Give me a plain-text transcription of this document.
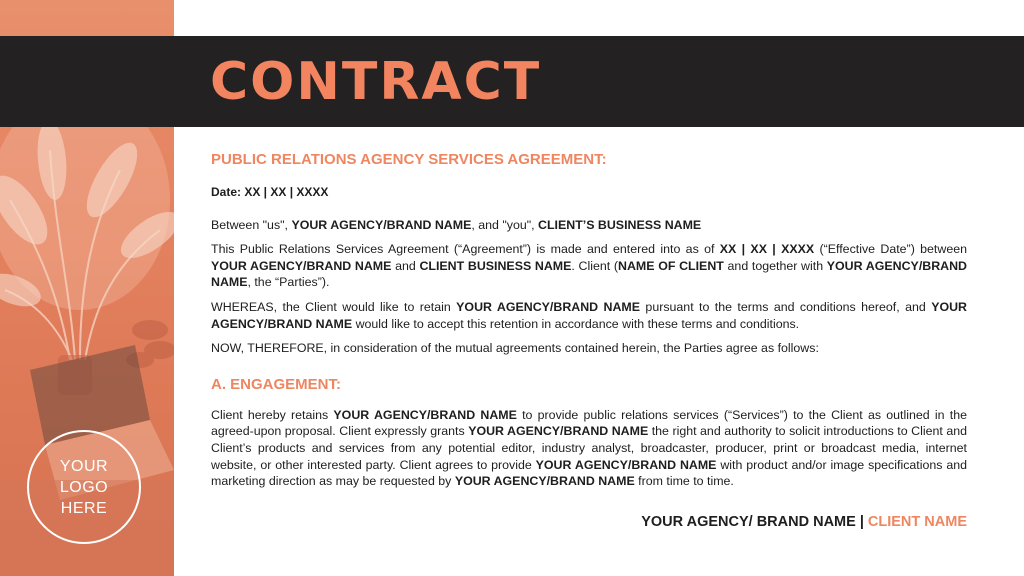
YOUR
LOGO
HERE
CONTRACT

PUBLIC RELATIONS AGENCY SERVICES AGREEMENT:

Date: XX | XX | XXXX

Between "us", YOUR AGENCY/BRAND NAME, and "you", CLIENT’S BUSINESS NAME

This Public Relations Services Agreement (“Agreement”) is made and entered into as of XX | XX | XXXX (“Effective Date”) between YOUR AGENCY/BRAND NAME and CLIENT BUSINESS NAME. Client (NAME OF CLIENT and together with YOUR AGENCY/BRAND NAME, the “Parties”).

WHEREAS, the Client would like to retain YOUR AGENCY/BRAND NAME pursuant to the terms and conditions hereof, and YOUR AGENCY/BRAND NAME would like to accept this retention in accordance with these terms and conditions.

NOW, THEREFORE, in consideration of the mutual agreements contained herein, the Parties agree as follows:

A. ENGAGEMENT:

Client hereby retains YOUR AGENCY/BRAND NAME to provide public relations services (“Services”) to the Client as outlined in the agreed-upon proposal. Client expressly grants YOUR AGENCY/BRAND NAME the right and authority to solicit introductions to Client and Client’s products and services from any potential editor, industry analyst, broadcaster, producer, print or broadcast media, internet website, or other interested party. Client agrees to provide YOUR AGENCY/BRAND NAME with product and/or image specifications and marketing direction as may be requested by YOUR AGENCY/BRAND NAME from time to time.

YOUR AGENCY/ BRAND NAME | CLIENT NAME
